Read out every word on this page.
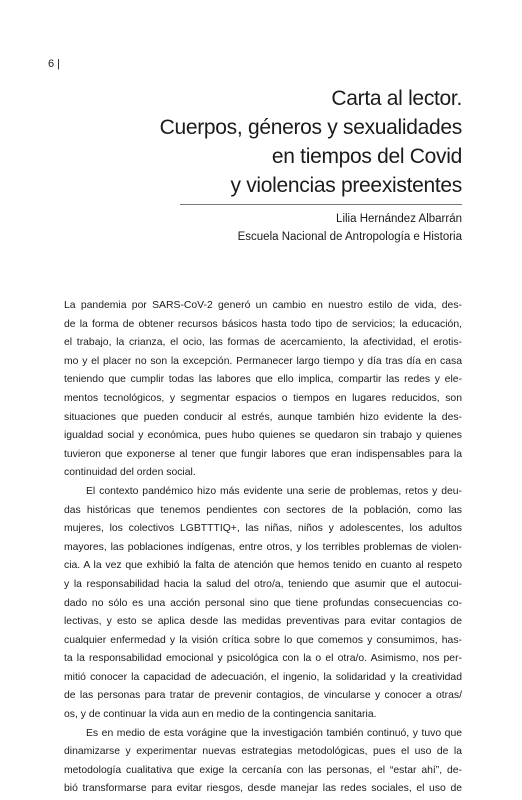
6 |
Carta al lector.
Cuerpos, géneros y sexualidades
en tiempos del Covid
y violencias preexistentes
Lilia Hernández Albarrán
Escuela Nacional de Antropología e Historia
La pandemia por SARS-CoV-2 generó un cambio en nuestro estilo de vida, des-
de la forma de obtener recursos básicos hasta todo tipo de servicios; la educación,
el trabajo, la crianza, el ocio, las formas de acercamiento, la afectividad, el erotis-
mo y el placer no son la excepción. Permanecer largo tiempo y día tras día en casa
teniendo que cumplir todas las labores que ello implica, compartir las redes y ele-
mentos tecnológicos, y segmentar espacios o tiempos en lugares reducidos, son
situaciones que pueden conducir al estrés, aunque también hizo evidente la des-
igualdad social y económica, pues hubo quienes se quedaron sin trabajo y quienes
tuvieron que exponerse al tener que fungir labores que eran indispensables para la
continuidad del orden social.
El contexto pandémico hizo más evidente una serie de problemas, retos y deu-
das históricas que tenemos pendientes con sectores de la población, como las
mujeres, los colectivos LGBTTTIQ+, las niñas, niños y adolescentes, los adultos
mayores, las poblaciones indígenas, entre otros, y los terribles problemas de violen-
cia. A la vez que exhibió la falta de atención que hemos tenido en cuanto al respeto
y la responsabilidad hacia la salud del otro/a, teniendo que asumir que el autocui-
dado no sólo es una acción personal sino que tiene profundas consecuencias co-
lectivas, y esto se aplica desde las medidas preventivas para evitar contagios de
cualquier enfermedad y la visión crítica sobre lo que comemos y consumimos, has-
ta la responsabilidad emocional y psicológica con la o el otra/o. Asimismo, nos per-
mitió conocer la capacidad de adecuación, el ingenio, la solidaridad y la creatividad
de las personas para tratar de prevenir contagios, de vincularse y conocer a otras/
os, y de continuar la vida aun en medio de la contingencia sanitaria.
Es en medio de esta vorágine que la investigación también continuó, y tuvo que
dinamizarse y experimentar nuevas estrategias metodológicas, pues el uso de la
metodología cualitativa que exige la cercanía con las personas, el “estar ahí”, de-
bió transformarse para evitar riesgos, desde manejar las redes sociales, el uso de
